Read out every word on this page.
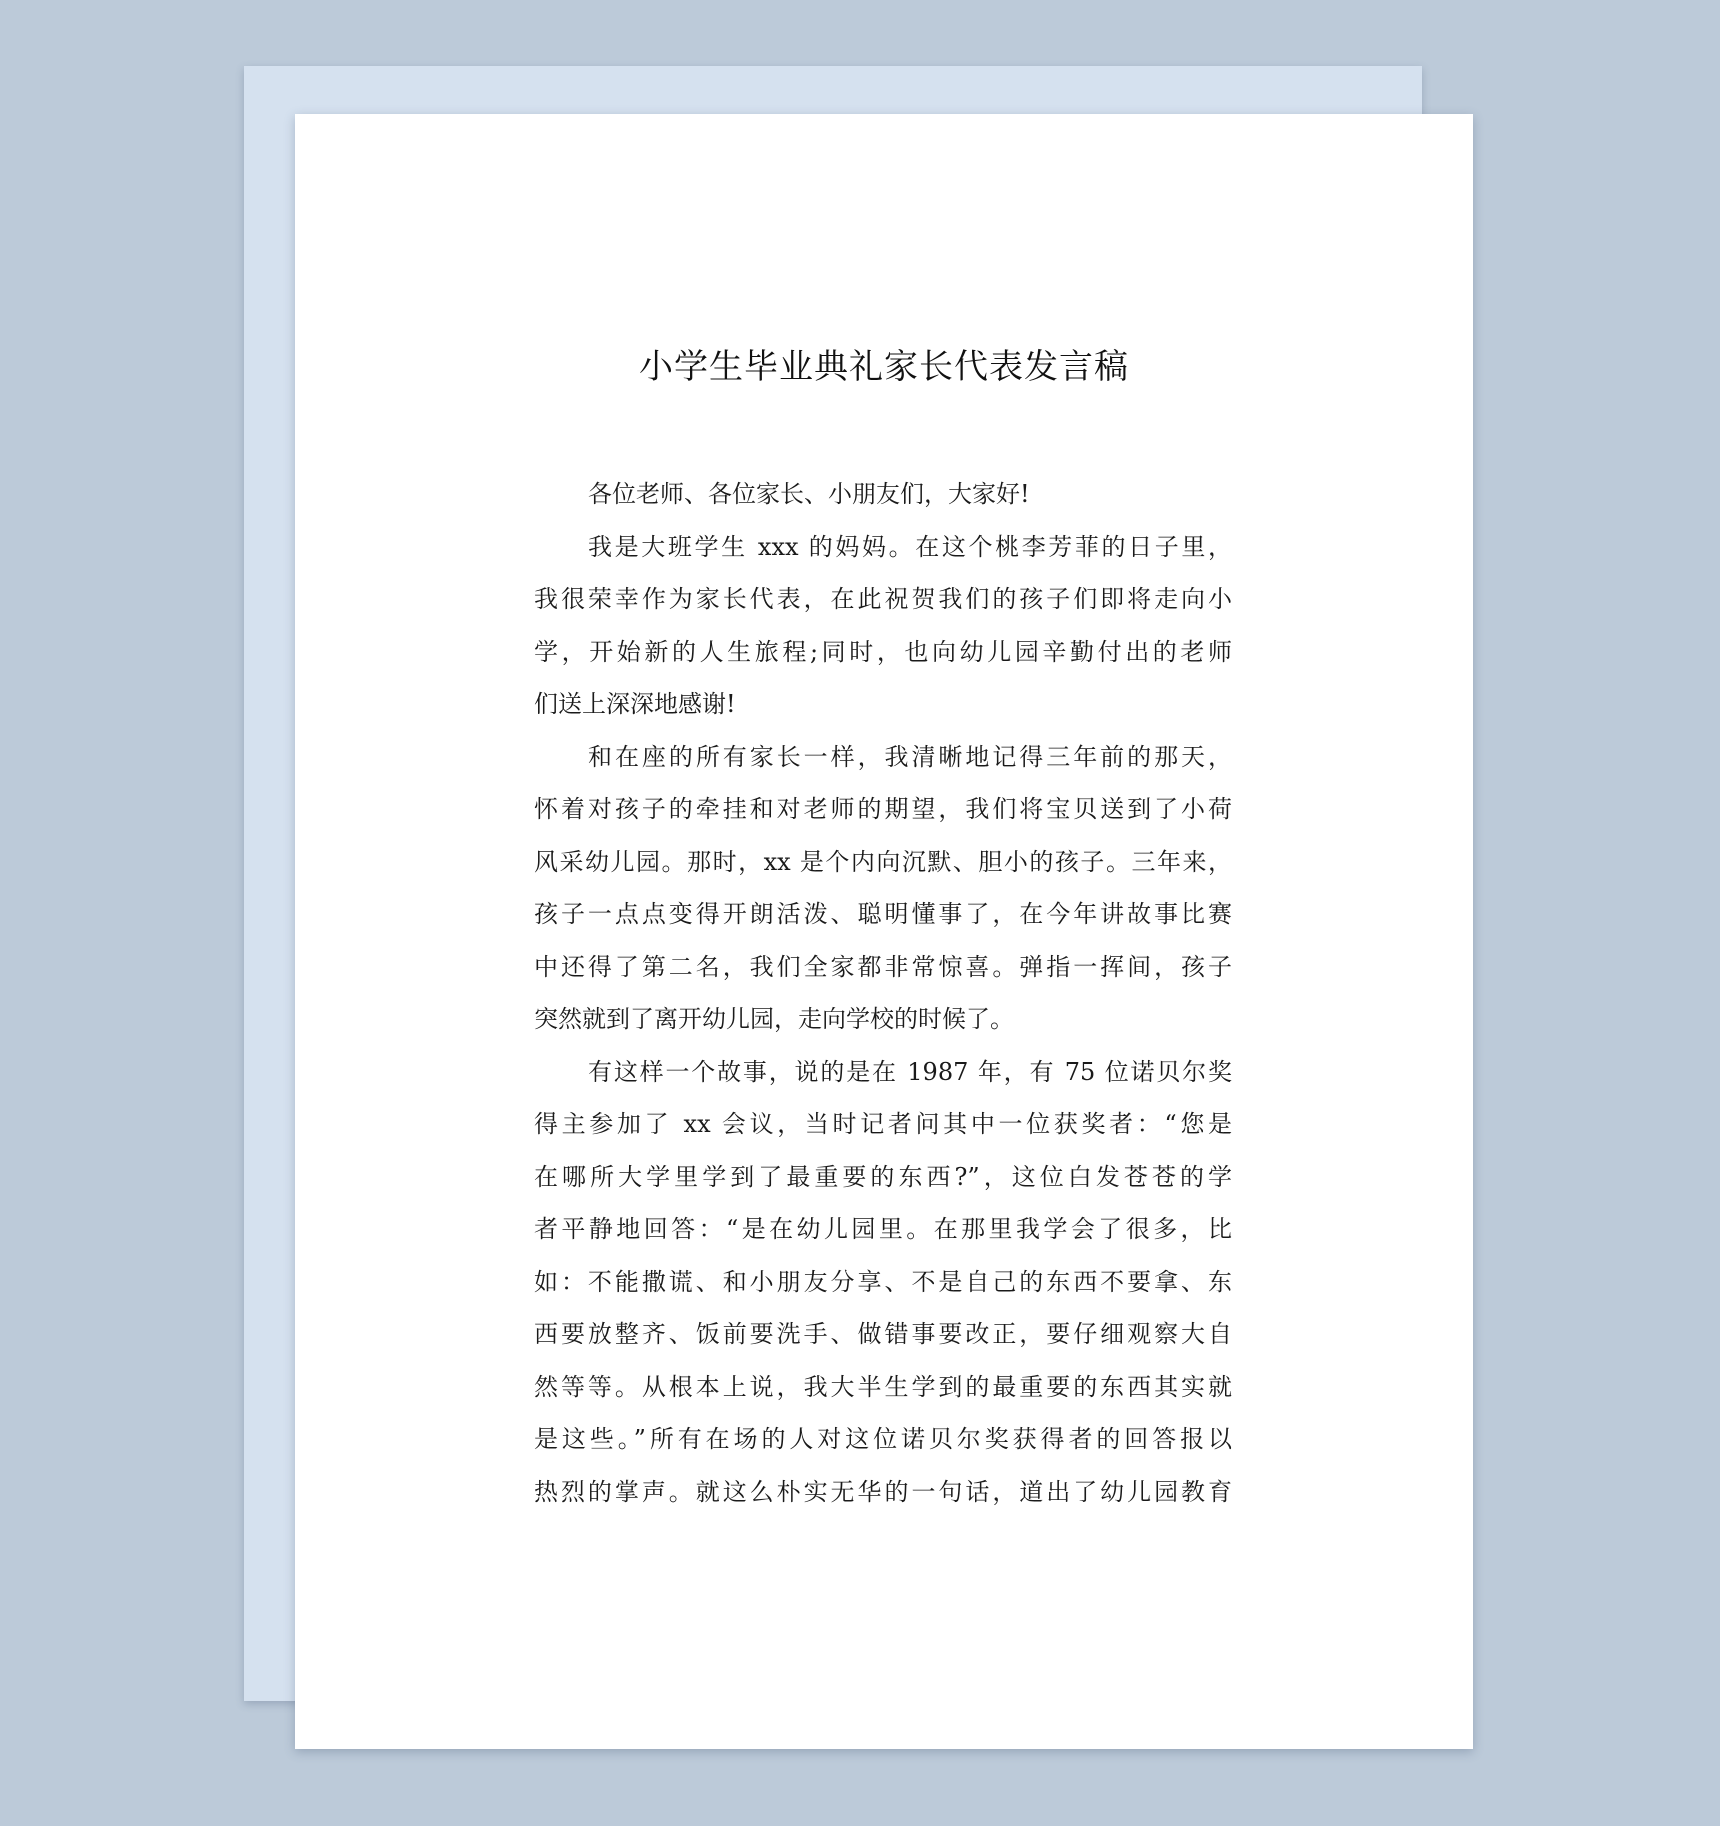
小学生毕业典礼家长代表发言稿
各位老师、各位家长、小朋友们，大家好!
我是大班学生 xxx 的妈妈。在这个桃李芳菲的日子里，
我很荣幸作为家长代表，在此祝贺我们的孩子们即将走向小
学，开始新的人生旅程;同时，也向幼儿园辛勤付出的老师
们送上深深地感谢!
和在座的所有家长一样，我清晰地记得三年前的那天，
怀着对孩子的牵挂和对老师的期望，我们将宝贝送到了小荷
风采幼儿园。那时，xx 是个内向沉默、胆小的孩子。三年来，
孩子一点点变得开朗活泼、聪明懂事了，在今年讲故事比赛
中还得了第二名，我们全家都非常惊喜。弹指一挥间，孩子
突然就到了离开幼儿园，走向学校的时候了。
有这样一个故事，说的是在 1987 年，有 75 位诺贝尔奖
得主参加了 xx 会议，当时记者问其中一位获奖者：“您是
在哪所大学里学到了最重要的东西?”，这位白发苍苍的学
者平静地回答：“是在幼儿园里。在那里我学会了很多，比
如：不能撒谎、和小朋友分享、不是自己的东西不要拿、东
西要放整齐、饭前要洗手、做错事要改正，要仔细观察大自
然等等。从根本上说，我大半生学到的最重要的东西其实就
是这些。”所有在场的人对这位诺贝尔奖获得者的回答报以
热烈的掌声。就这么朴实无华的一句话，道出了幼儿园教育
